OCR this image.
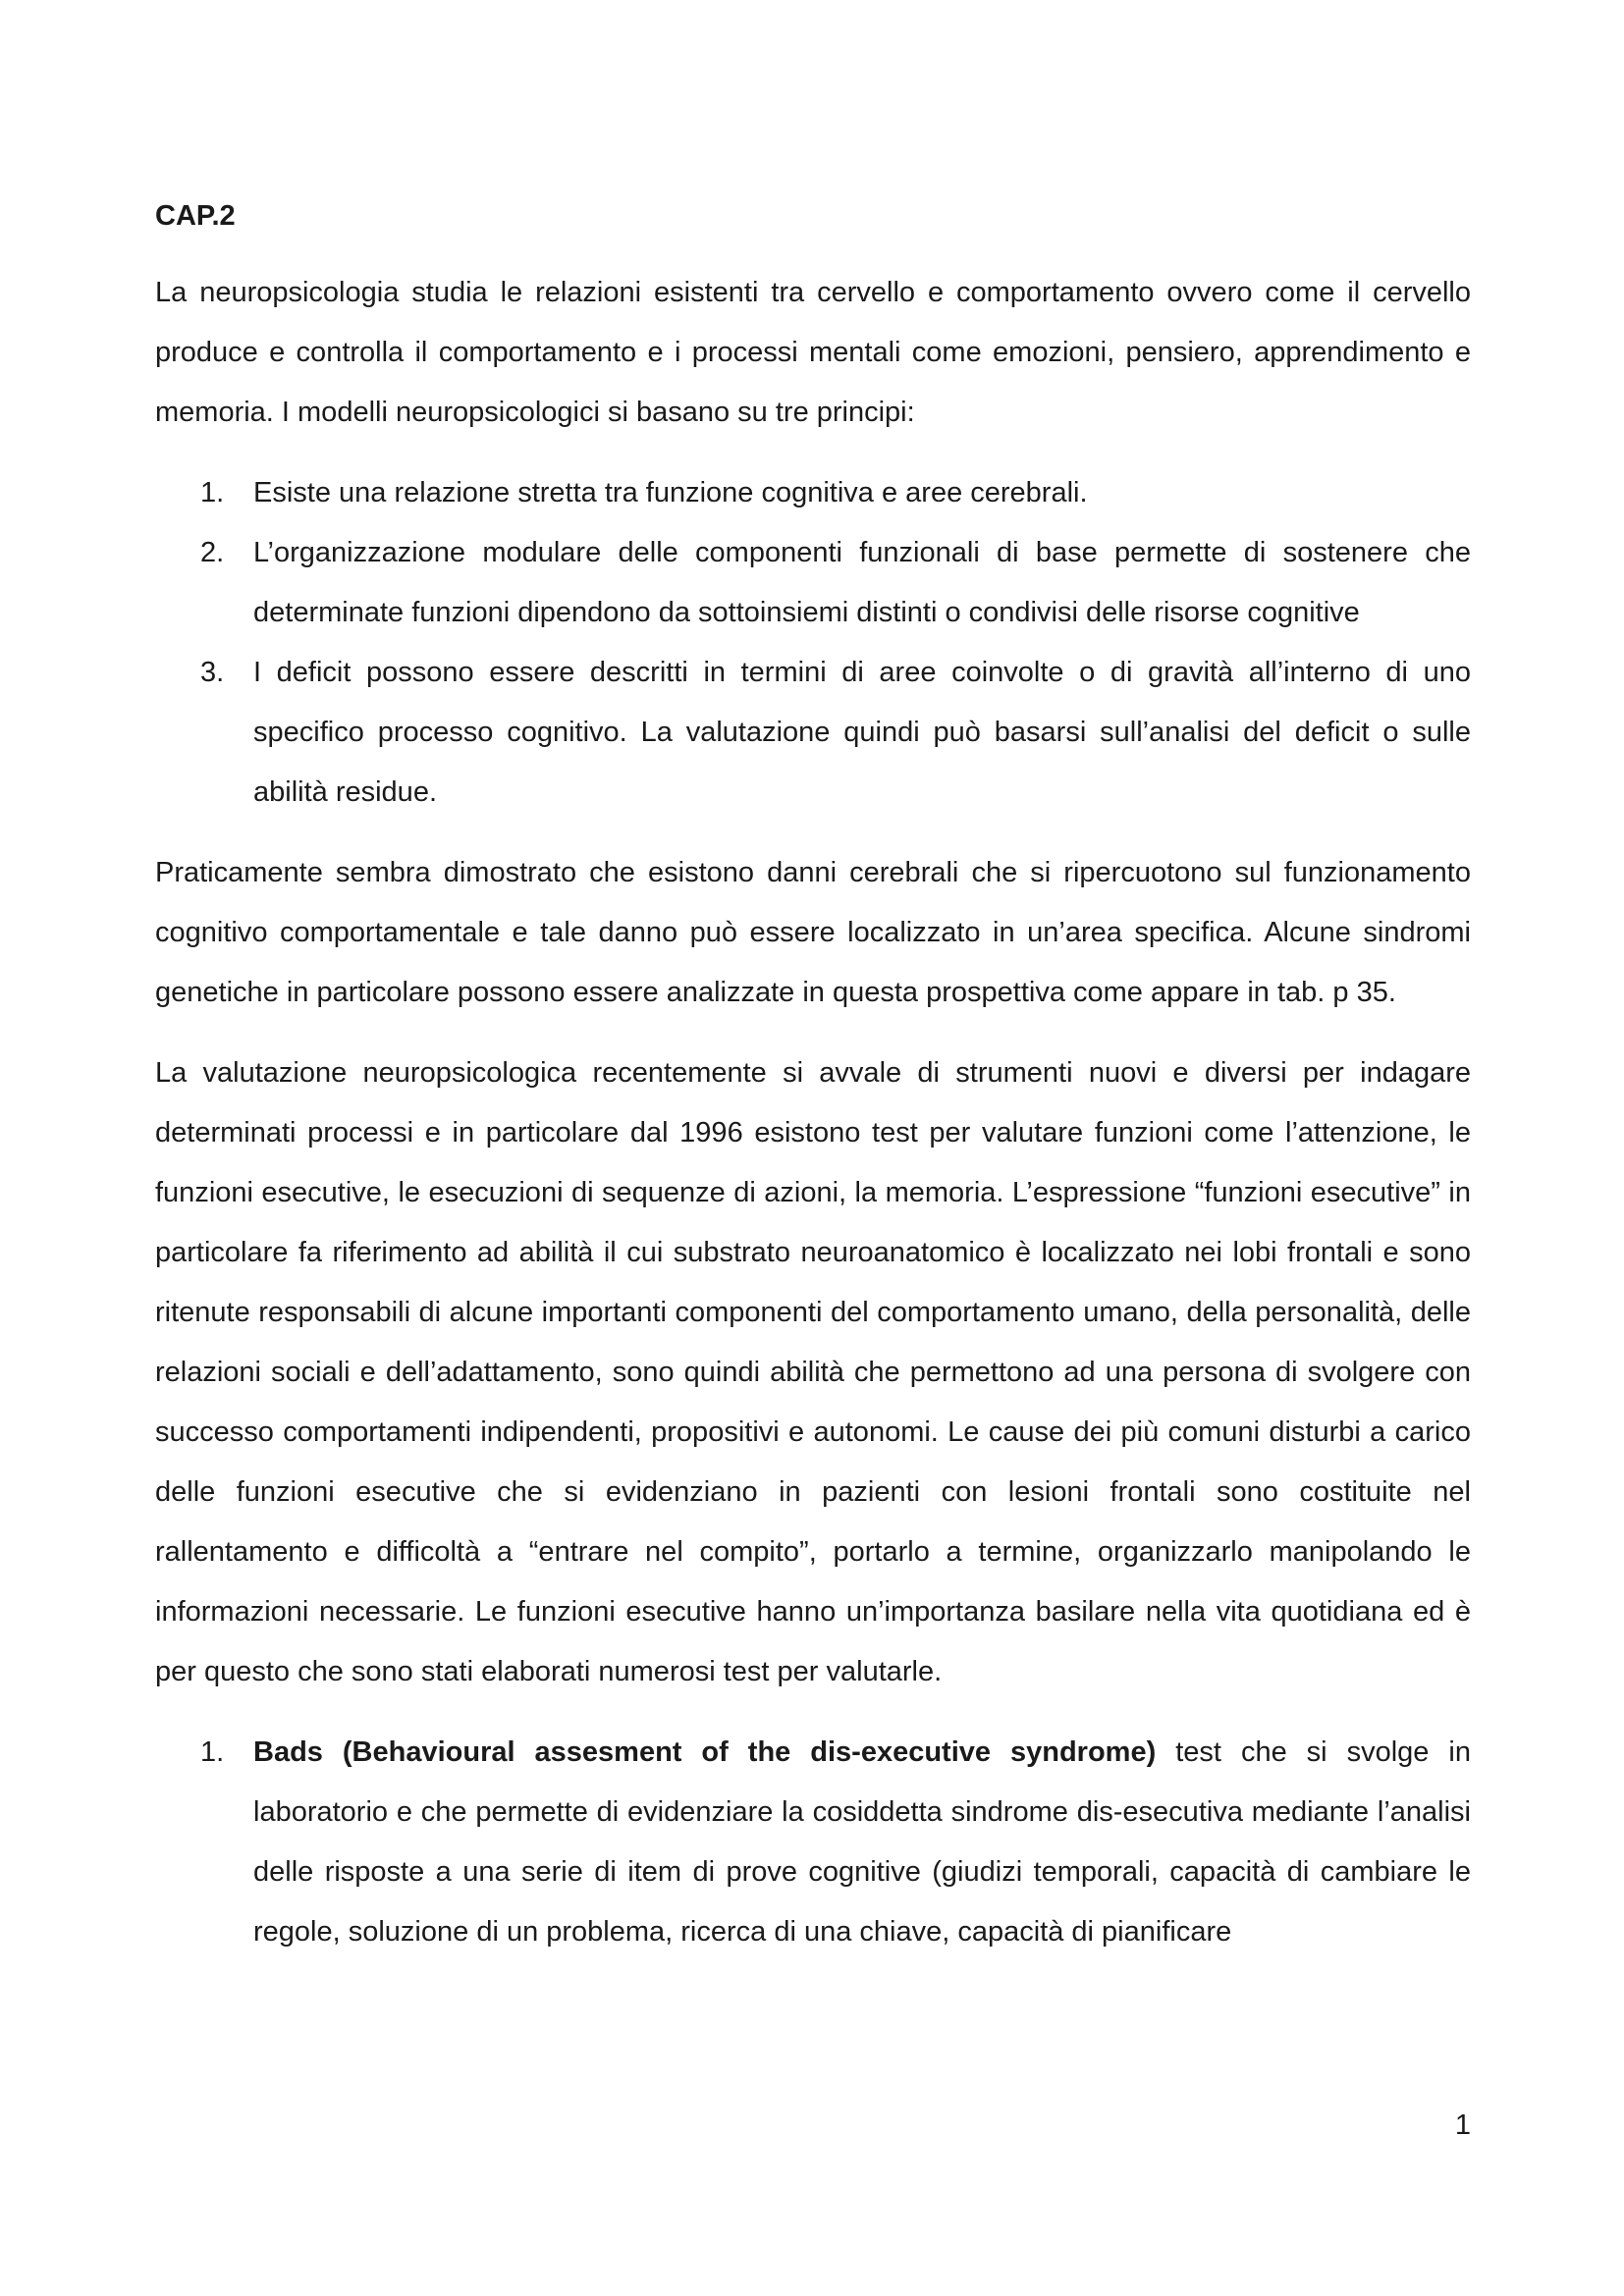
CAP.2

La neuropsicologia studia le relazioni esistenti tra cervello e comportamento ovvero come il cervello produce e controlla il comportamento e i processi mentali come emozioni, pensiero, apprendimento e memoria. I modelli neuropsicologici si basano su tre principi:

1. Esiste una relazione stretta tra funzione cognitiva e aree cerebrali.
2. L’organizzazione modulare delle componenti funzionali di base permette di sostenere che determinate funzioni dipendono da sottoinsiemi distinti o condivisi delle risorse cognitive
3. I deficit possono essere descritti in termini di aree coinvolte o di gravità all’interno di uno specifico processo cognitivo. La valutazione quindi può basarsi sull’analisi del deficit o sulle abilità residue.

Praticamente sembra dimostrato che esistono danni cerebrali che si ripercuotono sul funzionamento cognitivo comportamentale e tale danno può essere localizzato in un’area specifica. Alcune sindromi genetiche in particolare possono essere analizzate in questa prospettiva come appare in tab. p 35.

La valutazione neuropsicologica recentemente si avvale di strumenti nuovi e diversi per indagare determinati processi e in particolare dal 1996 esistono test per valutare funzioni come l’attenzione, le funzioni esecutive, le esecuzioni di sequenze di azioni, la memoria. L’espressione “funzioni esecutive” in particolare fa riferimento ad abilità il cui substrato neuroanatomico è localizzato nei lobi frontali e sono ritenute responsabili di alcune importanti componenti del comportamento umano, della personalità, delle relazioni sociali e dell’adattamento, sono quindi abilità che permettono ad una persona di svolgere con successo comportamenti indipendenti, propositivi e autonomi. Le cause dei più comuni disturbi a carico delle funzioni esecutive che si evidenziano in pazienti con lesioni frontali sono costituite nel rallentamento e difficoltà a “entrare nel compito”, portarlo a termine, organizzarlo manipolando le informazioni necessarie. Le funzioni esecutive hanno un’importanza basilare nella vita quotidiana ed è per questo che sono stati elaborati numerosi test per valutarle.

1. Bads (Behavioural assesment of the dis-executive syndrome) test che si svolge in laboratorio e che permette di evidenziare la cosiddetta sindrome dis-esecutiva mediante l’analisi delle risposte a una serie di item di prove cognitive (giudizi temporali, capacità di cambiare le regole, soluzione di un problema, ricerca di una chiave, capacità di pianificare
1
